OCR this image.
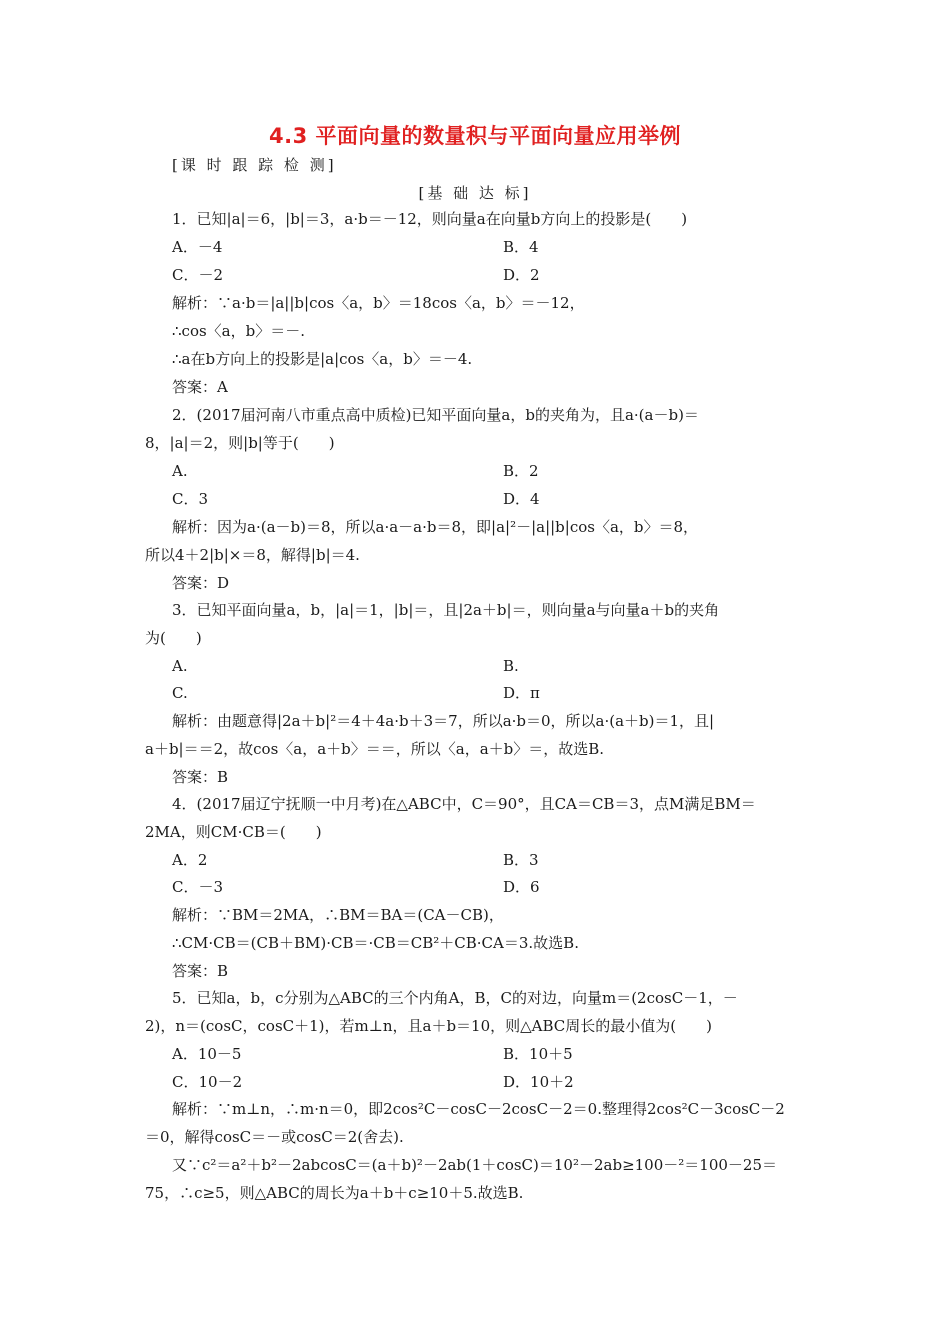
4.3 平面向量的数量积与平面向量应用举例
[课 时 跟 踪 检 测]
[基 础 达 标]
1．已知|a|＝6，|b|＝3，a·b＝－12，则向量a在向量b方向上的投影是(　　)
A．－4	B．4
C．－2	D．2
解析：∵a·b＝|a||b|cos〈a，b〉＝18cos〈a，b〉＝－12，
∴cos〈a，b〉＝－.
∴a在b方向上的投影是|a|cos〈a，b〉＝－4.
答案：A
2．(2017届河南八市重点高中质检)已知平面向量a，b的夹角为，且a·(a－b)＝
8，|a|＝2，则|b|等于(　　)
A.	B．2
C．3	D．4
解析：因为a·(a－b)＝8，所以a·a－a·b＝8，即|a|²－|a||b|cos〈a，b〉＝8，
所以4＋2|b|×＝8，解得|b|＝4.
答案：D
3．已知平面向量a，b，|a|＝1，|b|＝，且|2a＋b|＝，则向量a与向量a＋b的夹角
为(　　)
A.	B.
C.	D．π
解析：由题意得|2a＋b|²＝4＋4a·b＋3＝7，所以a·b＝0，所以a·(a＋b)＝1，且|
a＋b|＝＝2，故cos〈a，a＋b〉＝＝，所以〈a，a＋b〉＝，故选B.
答案：B
4．(2017届辽宁抚顺一中月考)在△ABC中，C＝90°，且CA＝CB＝3，点M满足BM＝
2MA，则CM·CB＝(　　)
A．2	B．3
C．－3	D．6
解析：∵BM＝2MA，∴BM＝BA＝(CA－CB)，
∴CM·CB＝(CB＋BM)·CB＝·CB＝CB²＋CB·CA＝3.故选B.
答案：B
5．已知a，b，c分别为△ABC的三个内角A，B，C的对边，向量m＝(2cosC－1，－
2)，n＝(cosC，cosC＋1)，若m⊥n，且a＋b＝10，则△ABC周长的最小值为(　　)
A．10－5	B．10＋5
C．10－2	D．10＋2
解析：∵m⊥n，∴m·n＝0，即2cos²C－cosC－2cosC－2＝0.整理得2cos²C－3cosC－2
＝0，解得cosC＝－或cosC＝2(舍去).
又∵c²＝a²＋b²－2abcosC＝(a＋b)²－2ab(1＋cosC)＝10²－2ab≥100－²＝100－25＝
75，∴c≥5，则△ABC的周长为a＋b＋c≥10＋5.故选B.
